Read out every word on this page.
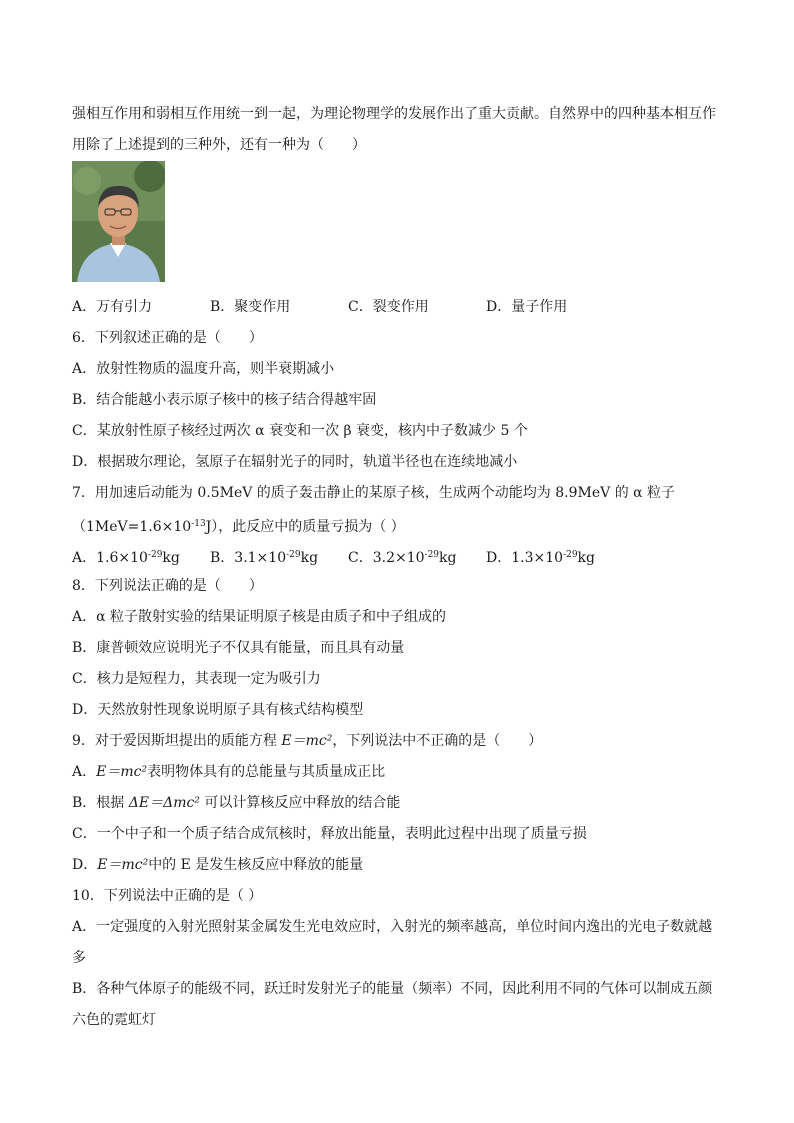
强相互作用和弱相互作用统一到一起，为理论物理学的发展作出了重大贡献。自然界中的四种基本相互作
用除了上述提到的三种外，还有一种为（　　）
A．万有引力	B．聚变作用	C．裂变作用	D．量子作用
6．下列叙述正确的是（　　）
A．放射性物质的温度升高，则半衰期减小
B．结合能越小表示原子核中的核子结合得越牢固
C．某放射性原子核经过两次 α 衰变和一次 β 衰变，核内中子数减少 5 个
D．根据玻尔理论，氢原子在辐射光子的同时，轨道半径也在连续地减小
7．用加速后动能为 0.5MeV 的质子轰击静止的某原子核，生成两个动能均为 8.9MeV 的 α 粒子
$(1MeV=1.6\times 10^{-13}J)$，此反应中的质量亏损为（ ）
A．$1.6\times 10^{-29}kg$	B．$3.1\times 10^{-29}kg$	C．$3.2\times 10^{-29}kg$	D．$1.3\times 10^{-29}kg$
8．下列说法正确的是（　　）
A．α 粒子散射实验的结果证明原子核是由质子和中子组成的
B．康普顿效应说明光子不仅具有能量，而且具有动量
C．核力是短程力，其表现一定为吸引力
D．天然放射性现象说明原子具有核式结构模型
9．对于爱因斯坦提出的质能方程 E＝mc²，下列说法中不正确的是（　　）
A．E＝mc²表明物体具有的总能量与其质量成正比
B．根据 ΔE＝Δmc² 可以计算核反应中释放的结合能
C．一个中子和一个质子结合成氘核时，释放出能量，表明此过程中出现了质量亏损
D．E＝mc²中的 E 是发生核反应中释放的能量
10．下列说法中正确的是（ ）
A．一定强度的入射光照射某金属发生光电效应时，入射光的频率越高，单位时间内逸出的光电子数就越
多
B．各种气体原子的能级不同，跃迁时发射光子的能量（频率）不同，因此利用不同的气体可以制成五颜
六色的霓虹灯
